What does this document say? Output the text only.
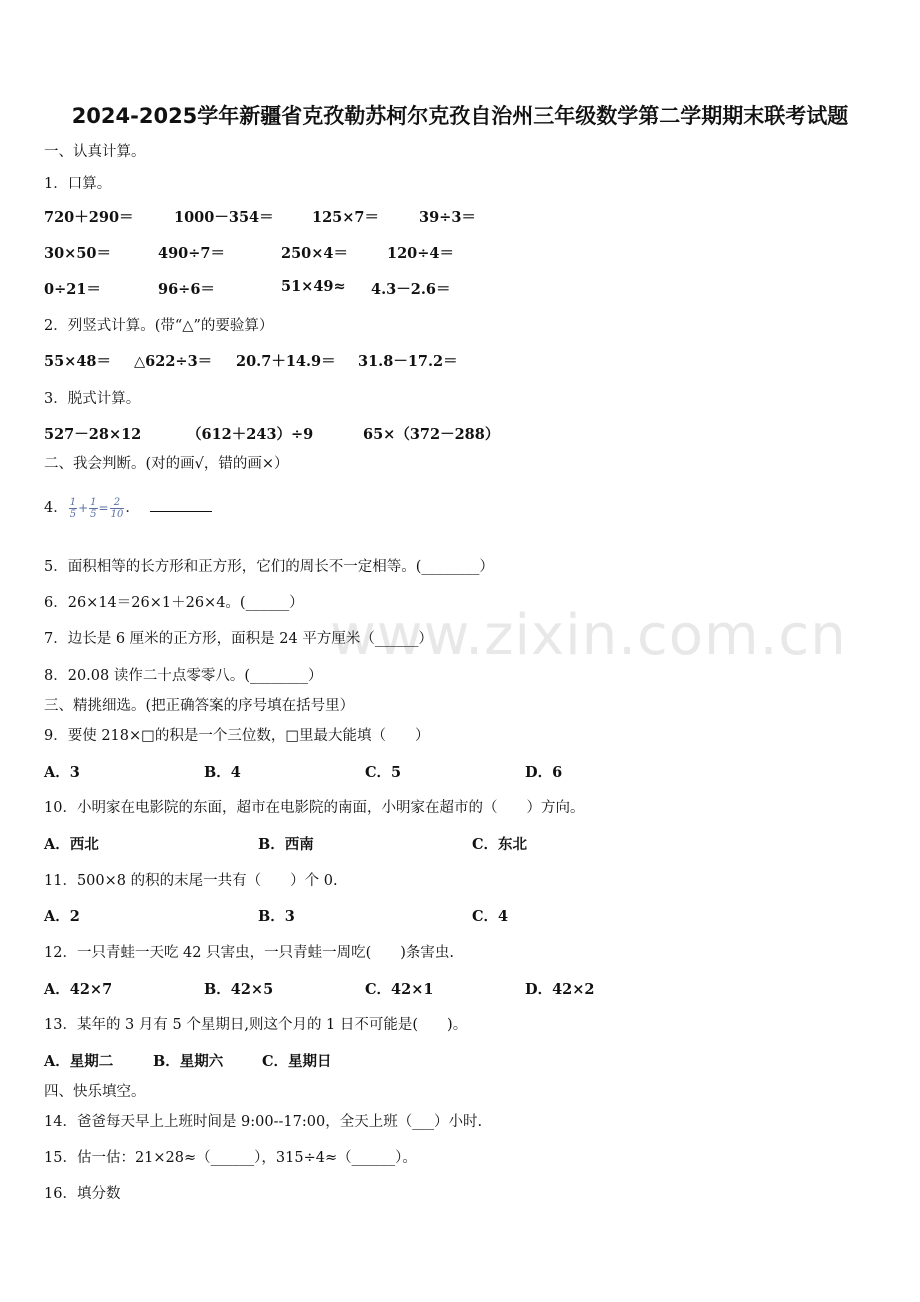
www.zixin.com.cn
2024-2025学年新疆省克孜勒苏柯尔克孜自治州三年级数学第二学期期末联考试题
一、认真计算。
1．口算。
720＋290＝	1000－354＝	125×7＝	39÷3＝
30×50＝	490÷7＝	250×4＝	120÷4＝
0÷21＝	96÷6＝	51×49≈ 4.3－2.6＝
2．列竖式计算。(带“△”的要验算）
55×48＝ △622÷3＝ 20.7＋14.9＝ 31.8－17.2＝
3．脱式计算。
527－28×12	（612＋243）÷9	65×（372－288）
二、我会判断。(对的画√，错的画×）
4． $\frac{1}{5} + \frac{1}{5} = \frac{2}{10}$ ．
5．面积相等的长方形和正方形，它们的周长不一定相等。(________）
6．26×14＝26×1＋26×4。(______）
7．边长是 6 厘米的正方形，面积是 24 平方厘米（______）
8．20.08 读作二十点零零八。(________）
三、精挑细选。(把正确答案的序号填在括号里）
9．要使 218×□的积是一个三位数，□里最大能填（　　）
A．3	B．4	C．5	D．6
10．小明家在电影院的东面，超市在电影院的南面，小明家在超市的（　　）方向。
A．西北	B．西南	C．东北
11．500×8 的积的末尾一共有（　　）个 0.
A．2	B．3	C．4
12．一只青蛙一天吃 42 只害虫，一只青蛙一周吃(　　)条害虫.
A．42×7	B．42×5	C．42×1	D．42×2
13．某年的 3 月有 5 个星期日,则这个月的 1 日不可能是(　　)。
A．星期二	B．星期六	C．星期日
四、快乐填空。
14．爸爸每天早上上班时间是 9:00--17:00，全天上班（___）小时.
15．估一估：21×28≈（______），315÷4≈（______）。
16．填分数
